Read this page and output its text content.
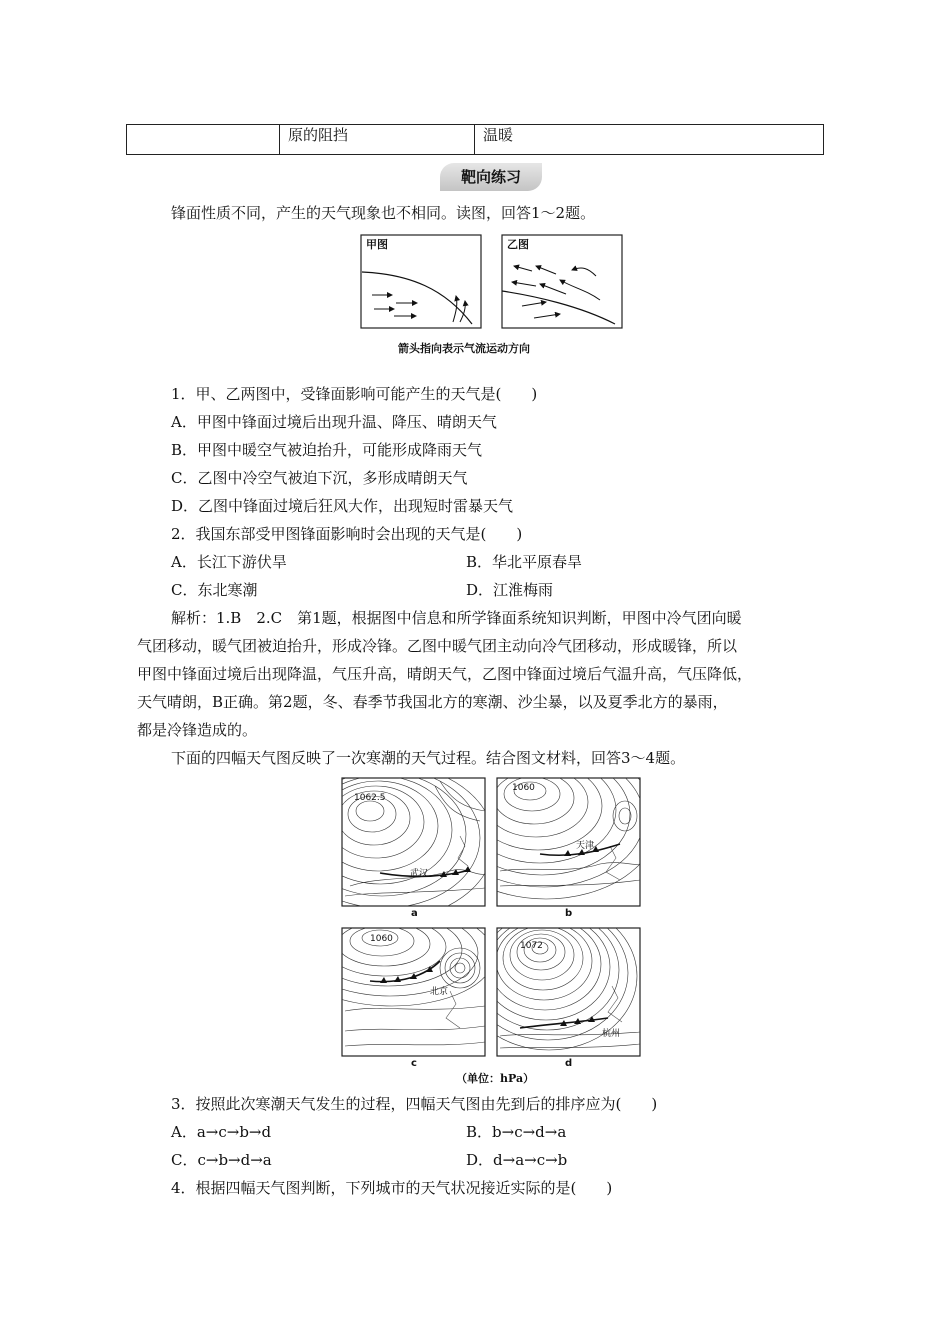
	原的阻挡	温暖
靶向练习
锋面性质不同，产生的天气现象也不相同。读图，回答1～2题。
甲图	乙图
箭头指向表示气流运动方向
1．甲、乙两图中，受锋面影响可能产生的天气是(　　)
A．甲图中锋面过境后出现升温、降压、晴朗天气
B．甲图中暖空气被迫抬升，可能形成降雨天气
C．乙图中冷空气被迫下沉，多形成晴朗天气
D．乙图中锋面过境后狂风大作，出现短时雷暴天气
2．我国东部受甲图锋面影响时会出现的天气是(　　)
A．长江下游伏旱	B．华北平原春旱
C．东北寒潮	D．江淮梅雨
解析：1.B　2.C　第1题，根据图中信息和所学锋面系统知识判断，甲图中冷气团向暖
气团移动，暖气团被迫抬升，形成冷锋。乙图中暖气团主动向冷气团移动，形成暖锋，所以
甲图中锋面过境后出现降温，气压升高，晴朗天气，乙图中锋面过境后气温升高，气压降低，
天气晴朗，B正确。第2题，冬、春季节我国北方的寒潮、沙尘暴，以及夏季北方的暴雨，
都是冷锋造成的。
下面的四幅天气图反映了一次寒潮的天气过程。结合图文材料，回答3～4题。
1062.5
武汉
a
1060
天津
b
1060
北京
c
1072
杭州
d
（单位：hPa）
3．按照此次寒潮天气发生的过程，四幅天气图由先到后的排序应为(　　)
A．a→c→b→d	B．b→c→d→a
C．c→b→d→a	D．d→a→c→b
4．根据四幅天气图判断，下列城市的天气状况接近实际的是(　　)
